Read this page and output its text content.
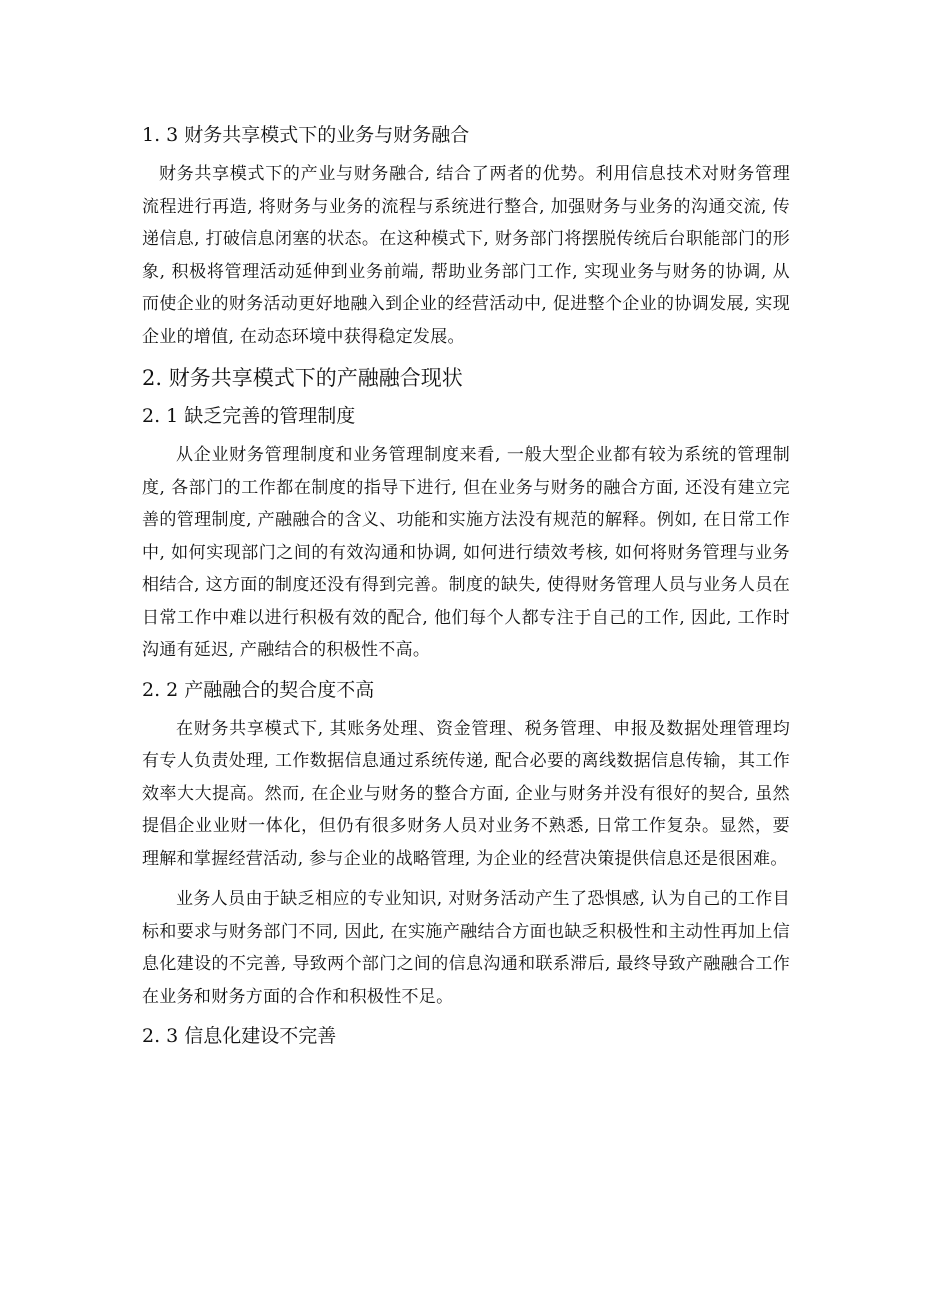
1. 3 财务共享模式下的业务与财务融合

财务共享模式下的产业与财务融合, 结合了两者的优势。利用信息技术对财务管理流程进行再造, 将财务与业务的流程与系统进行整合, 加强财务与业务的沟通交流, 传递信息, 打破信息闭塞的状态。在这种模式下, 财务部门将摆脱传统后台职能部门的形象, 积极将管理活动延伸到业务前端, 帮助业务部门工作, 实现业务与财务的协调, 从而使企业的财务活动更好地融入到企业的经营活动中, 促进整个企业的协调发展, 实现企业的增值, 在动态环境中获得稳定发展。

2. 财务共享模式下的产融融合现状
2. 1 缺乏完善的管理制度

从企业财务管理制度和业务管理制度来看, 一般大型企业都有较为系统的管理制度, 各部门的工作都在制度的指导下进行, 但在业务与财务的融合方面, 还没有建立完善的管理制度, 产融融合的含义、功能和实施方法没有规范的解释。例如, 在日常工作中, 如何实现部门之间的有效沟通和协调, 如何进行绩效考核, 如何将财务管理与业务相结合, 这方面的制度还没有得到完善。制度的缺失, 使得财务管理人员与业务人员在日常工作中难以进行积极有效的配合, 他们每个人都专注于自己的工作, 因此, 工作时沟通有延迟, 产融结合的积极性不高。

2. 2 产融融合的契合度不高

在财务共享模式下, 其账务处理、资金管理、税务管理、申报及数据处理管理均有专人负责处理, 工作数据信息通过系统传递, 配合必要的离线数据信息传输，其工作效率大大提高。然而, 在企业与财务的整合方面, 企业与财务并没有很好的契合, 虽然提倡企业业财一体化，但仍有很多财务人员对业务不熟悉, 日常工作复杂。显然，要理解和掌握经营活动, 参与企业的战略管理, 为企业的经营决策提供信息还是很困难。

业务人员由于缺乏相应的专业知识, 对财务活动产生了恐惧感, 认为自己的工作目标和要求与财务部门不同, 因此, 在实施产融结合方面也缺乏积极性和主动性再加上信息化建设的不完善, 导致两个部门之间的信息沟通和联系滞后, 最终导致产融融合工作在业务和财务方面的合作和积极性不足。

2. 3 信息化建设不完善
